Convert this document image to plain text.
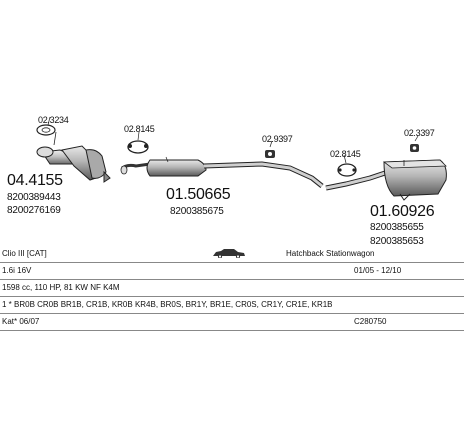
02.3234
02.8145
02.9397
02.8145
02.3397
04.4155
8200389443
8200276169
01.50665
8200385675	01.60926
8200385655
8200385653
Clio III [CAT]	Hatchback Stationwagon
1.6i 16V	01/05 - 12/10
1598 cc, 110 HP, 81 KW NF K4M
1 * BR0B CR0B BR1B, CR1B, KR0B KR4B, BR0S, BR1Y, BR1E, CR0S, CR1Y, CR1E, KR1B
Kat* 06/07	C280750
